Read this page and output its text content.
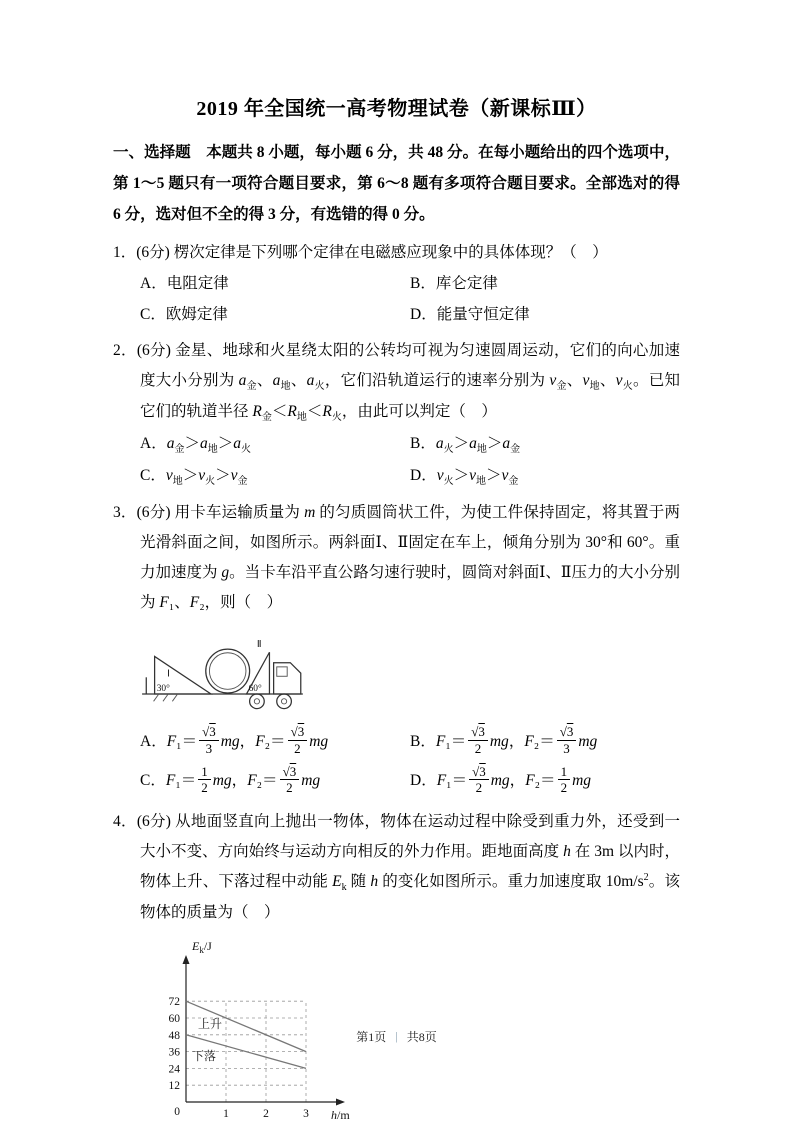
2019 年全国统一高考物理试卷（新课标Ⅲ）

一、选择题　本题共 8 小题，每小题 6 分，共 48 分。在每小题给出的四个选项中，第 1～5 题只有一项符合题目要求，第 6～8 题有多项符合题目要求。全部选对的得 6 分，选对但不全的得 3 分，有选错的得 0 分。

1．(6分) 楞次定律是下列哪个定律在电磁感应现象中的具体体现？（　）

A．电阻定律	B．库仑定律
C．欧姆定律	D．能量守恒定律

2．(6分) 金星、地球和火星绕太阳的公转均可视为匀速圆周运动，它们的向心加速度大小分别为 $a_金$、$a_地$、$a_火$，它们沿轨道运行的速率分别为 $v_金$、$v_地$、$v_火$。已知它们的轨道半径 $R_金<R_地<R_火$，由此可以判定（　）

A．$a_金>a_地>a_火$	B．$a_火>a_地>a_金$
C．$v_地>v_火>v_金$	D．$v_火>v_地>v_金$

3．(6分) 用卡车运输质量为 m 的匀质圆筒状工件，为使工件保持固定，将其置于两光滑斜面之间，如图所示。两斜面Ⅰ、Ⅱ固定在车上，倾角分别为 30°和 60°。重力加速度为 g。当卡车沿平直公路匀速行驶时，圆筒对斜面Ⅰ、Ⅱ压力的大小分别为 F₁、F₂，则（　）

30°
Ⅰ
60°
Ⅱ
A．$F_1= \frac{√3}{3}$ mg，$F_2= \frac{√3}{2}$ mg	B．$F_1= \frac{√3}{2}$ mg，$F_2= \frac{√3}{3}$ mg
C．$F_1= \frac{1}{2}$ mg，$F_2= \frac{√3}{2}$ mg	D．$F_1= \frac{√3}{2}$ mg，$F_2= \frac{1}{2}$ mg

4．(6分) 从地面竖直向上抛出一物体，物体在运动过程中除受到重力外，还受到一大小不变、方向始终与运动方向相反的外力作用。距地面高度 h 在 3m 以内时，物体上升、下落过程中动能 $E_k$ 随 h 的变化如图所示。重力加速度取 $10m/s^2$。该物体的质量为（　）

12
24
36
48
60
72
1	2	3
0
上升
下落
$E_k/J$
h/m
第1页 | 共8页
